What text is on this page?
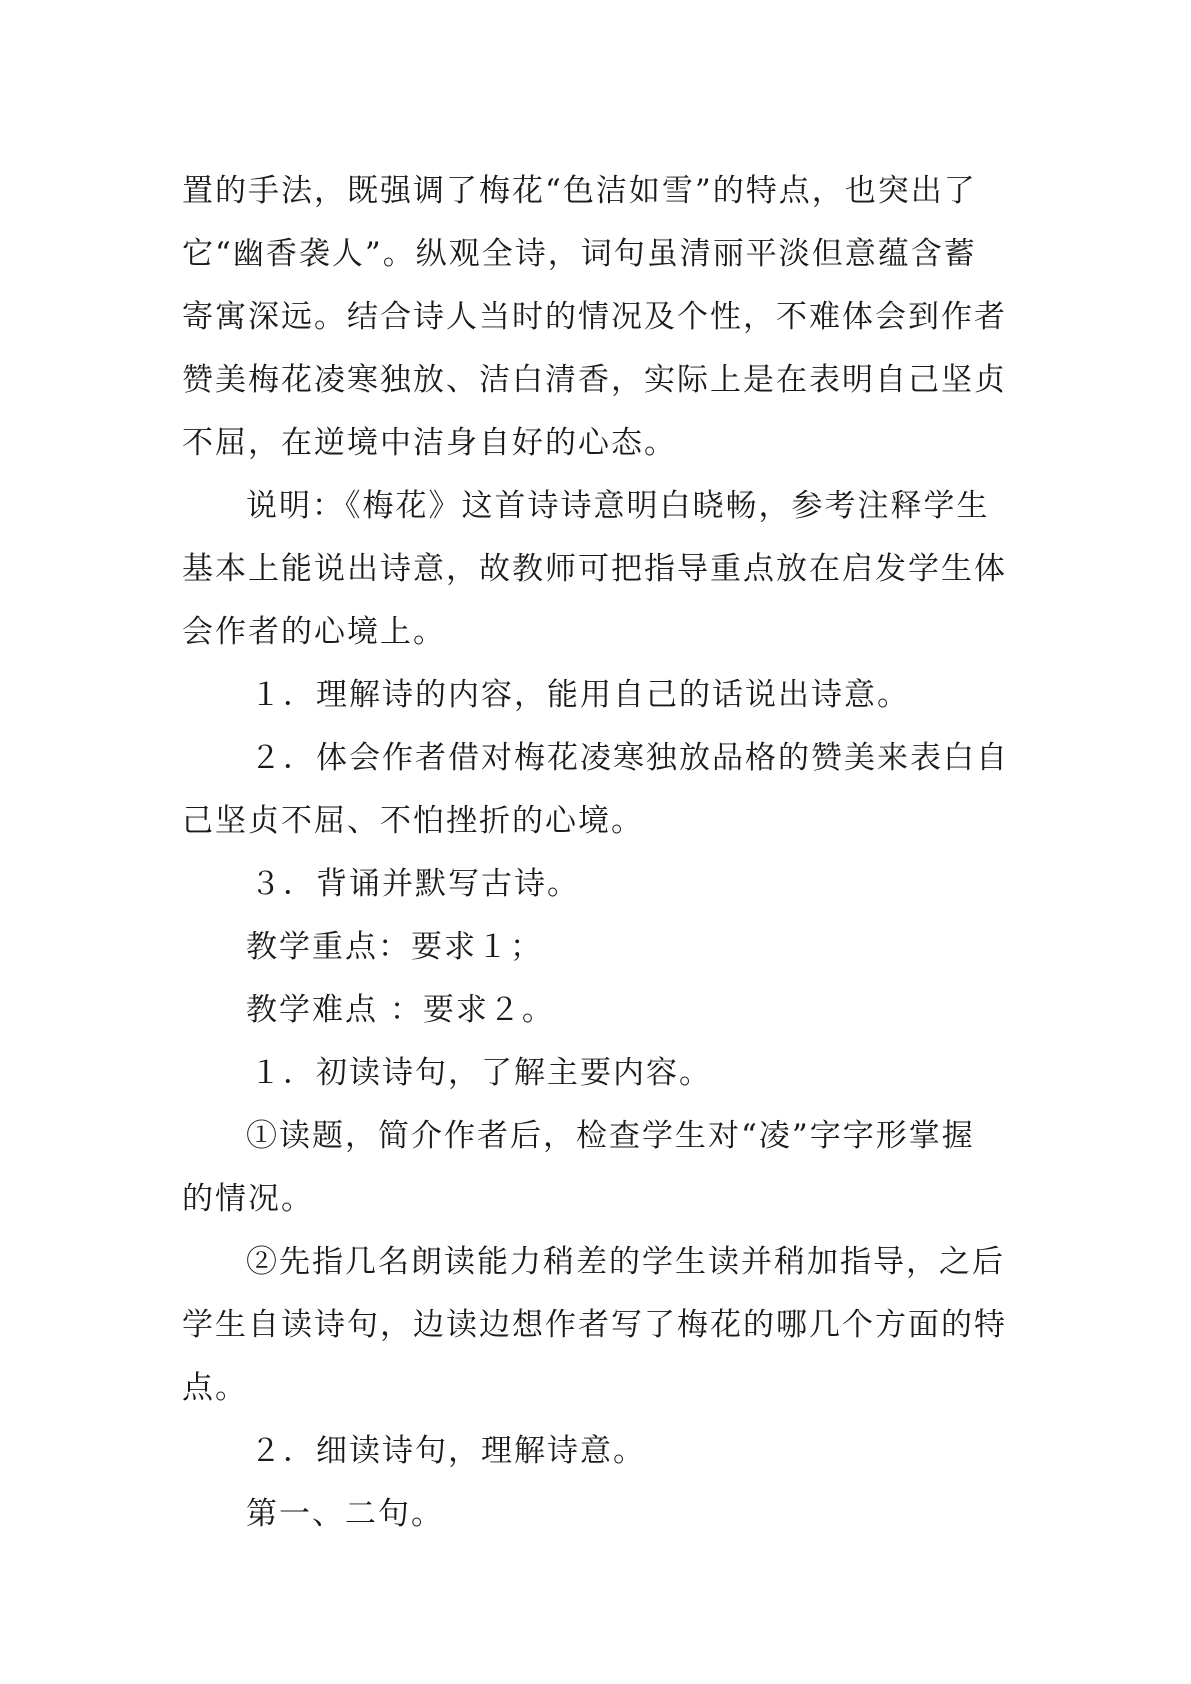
置的手法，既强调了梅花“色洁如雪”的特点，也突出了

它“幽香袭人”。纵观全诗，词句虽清丽平淡但意蕴含蓄

寄寓深远。结合诗人当时的情况及个性，不难体会到作者

赞美梅花凌寒独放、洁白清香，实际上是在表明自己坚贞

不屈，在逆境中洁身自好的心态。

说明：《梅花》这首诗诗意明白晓畅，参考注释学生

基本上能说出诗意，故教师可把指导重点放在启发学生体

会作者的心境上。

１．理解诗的内容，能用自己的话说出诗意。

２．体会作者借对梅花凌寒独放品格的赞美来表白自

己坚贞不屈、不怕挫折的心境。

３．背诵并默写古诗。

教学重点：要求１；

教学难点 ：要求２。

１．初读诗句，了解主要内容。

①读题，简介作者后，检查学生对“凌”字字形掌握

的情况。

②先指几名朗读能力稍差的学生读并稍加指导，之后

学生自读诗句，边读边想作者写了梅花的哪几个方面的特

点。

２．细读诗句，理解诗意。

第一、二句。
